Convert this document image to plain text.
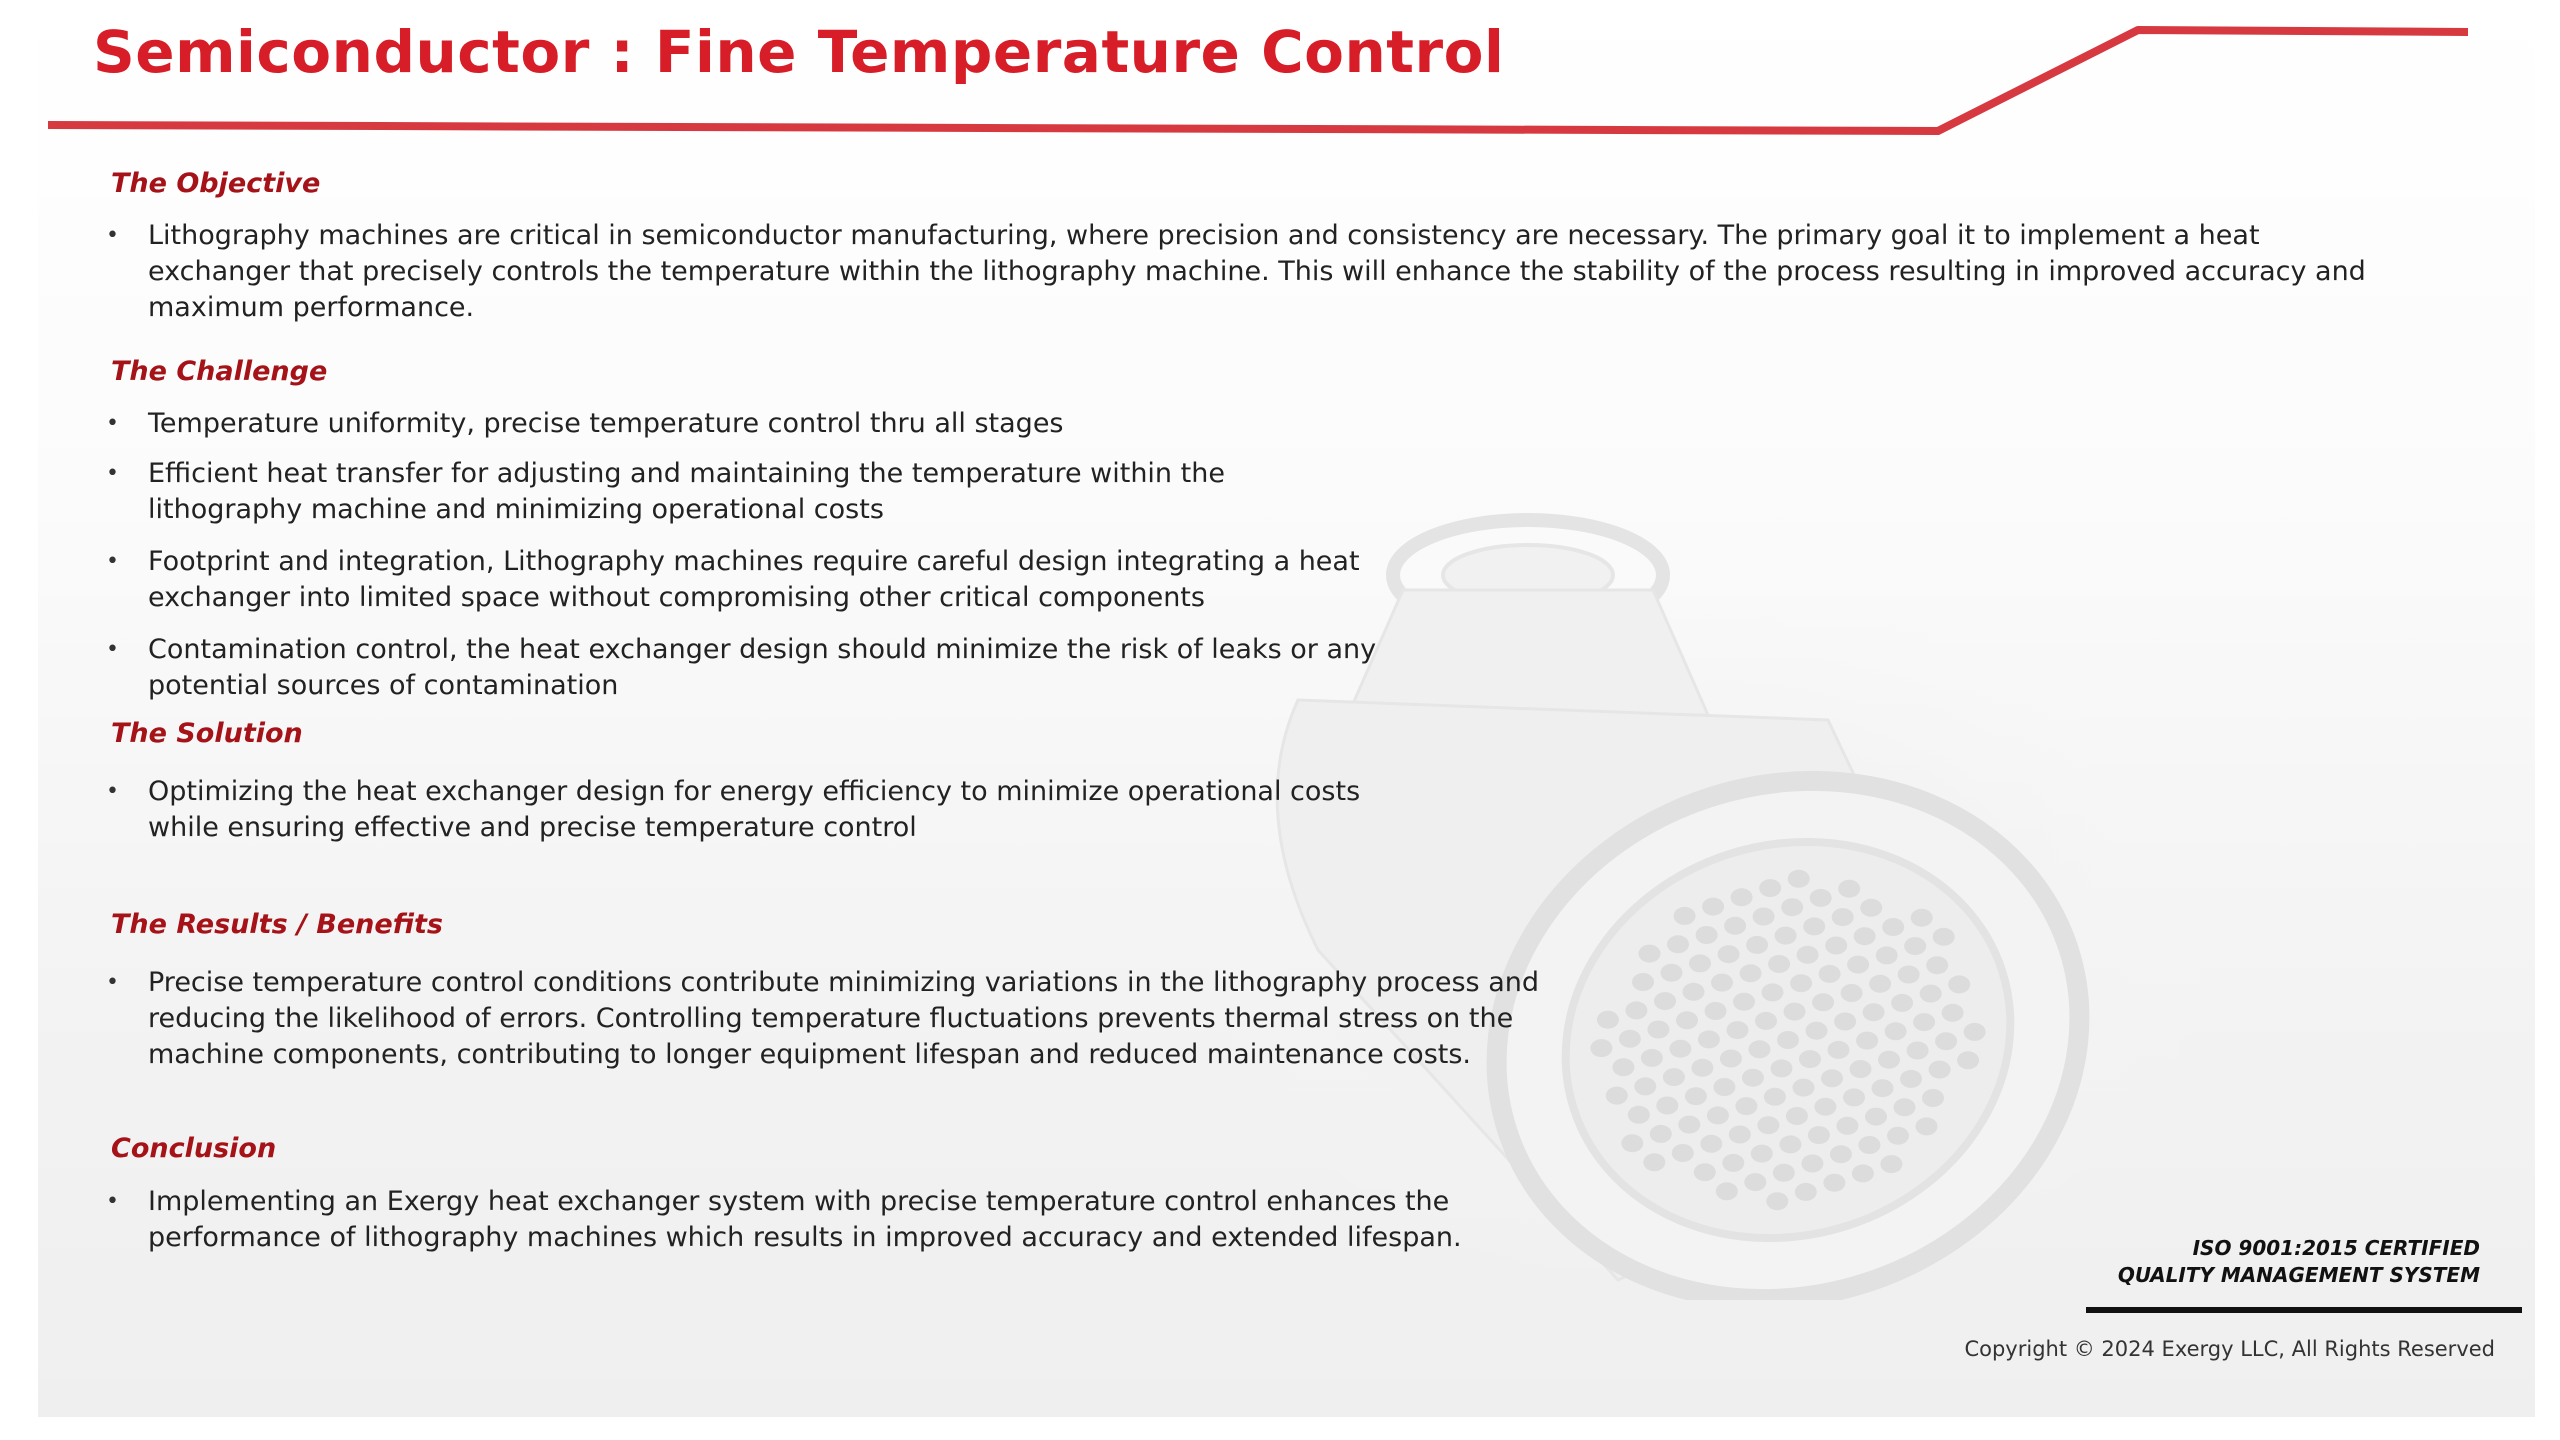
Semiconductor : Fine Temperature Control
The Objective
•	Lithography machines are critical in semiconductor manufacturing, where precision and consistency are necessary. The primary goal it to implement a heat exchanger that precisely controls the temperature within the lithography machine. This will enhance the stability of the process resulting in improved accuracy and maximum performance.
The Challenge
•	Temperature uniformity, precise temperature control thru all stages
•	Efficient heat transfer for adjusting and maintaining the temperature within the lithography machine and minimizing operational costs
•	Footprint and integration, Lithography machines require careful design integrating a heat exchanger into limited space without compromising other critical components
•	Contamination control, the heat exchanger design should minimize the risk of leaks or any potential sources of contamination
The Solution
•	Optimizing the heat exchanger design for energy efficiency to minimize operational costs while ensuring effective and precise temperature control
The Results / Benefits
•	Precise temperature control conditions contribute minimizing variations in the lithography process and reducing the likelihood of errors. Controlling temperature fluctuations prevents thermal stress on the machine components, contributing to longer equipment lifespan and reduced maintenance costs.
Conclusion
•	Implementing an Exergy heat exchanger system with precise temperature control enhances the performance of lithography machines which results in improved accuracy and extended lifespan.	ISO 9001:2015 CERTIFIED
QUALITY MANAGEMENT SYSTEM
Copyright © 2024 Exergy LLC, All Rights Reserved
